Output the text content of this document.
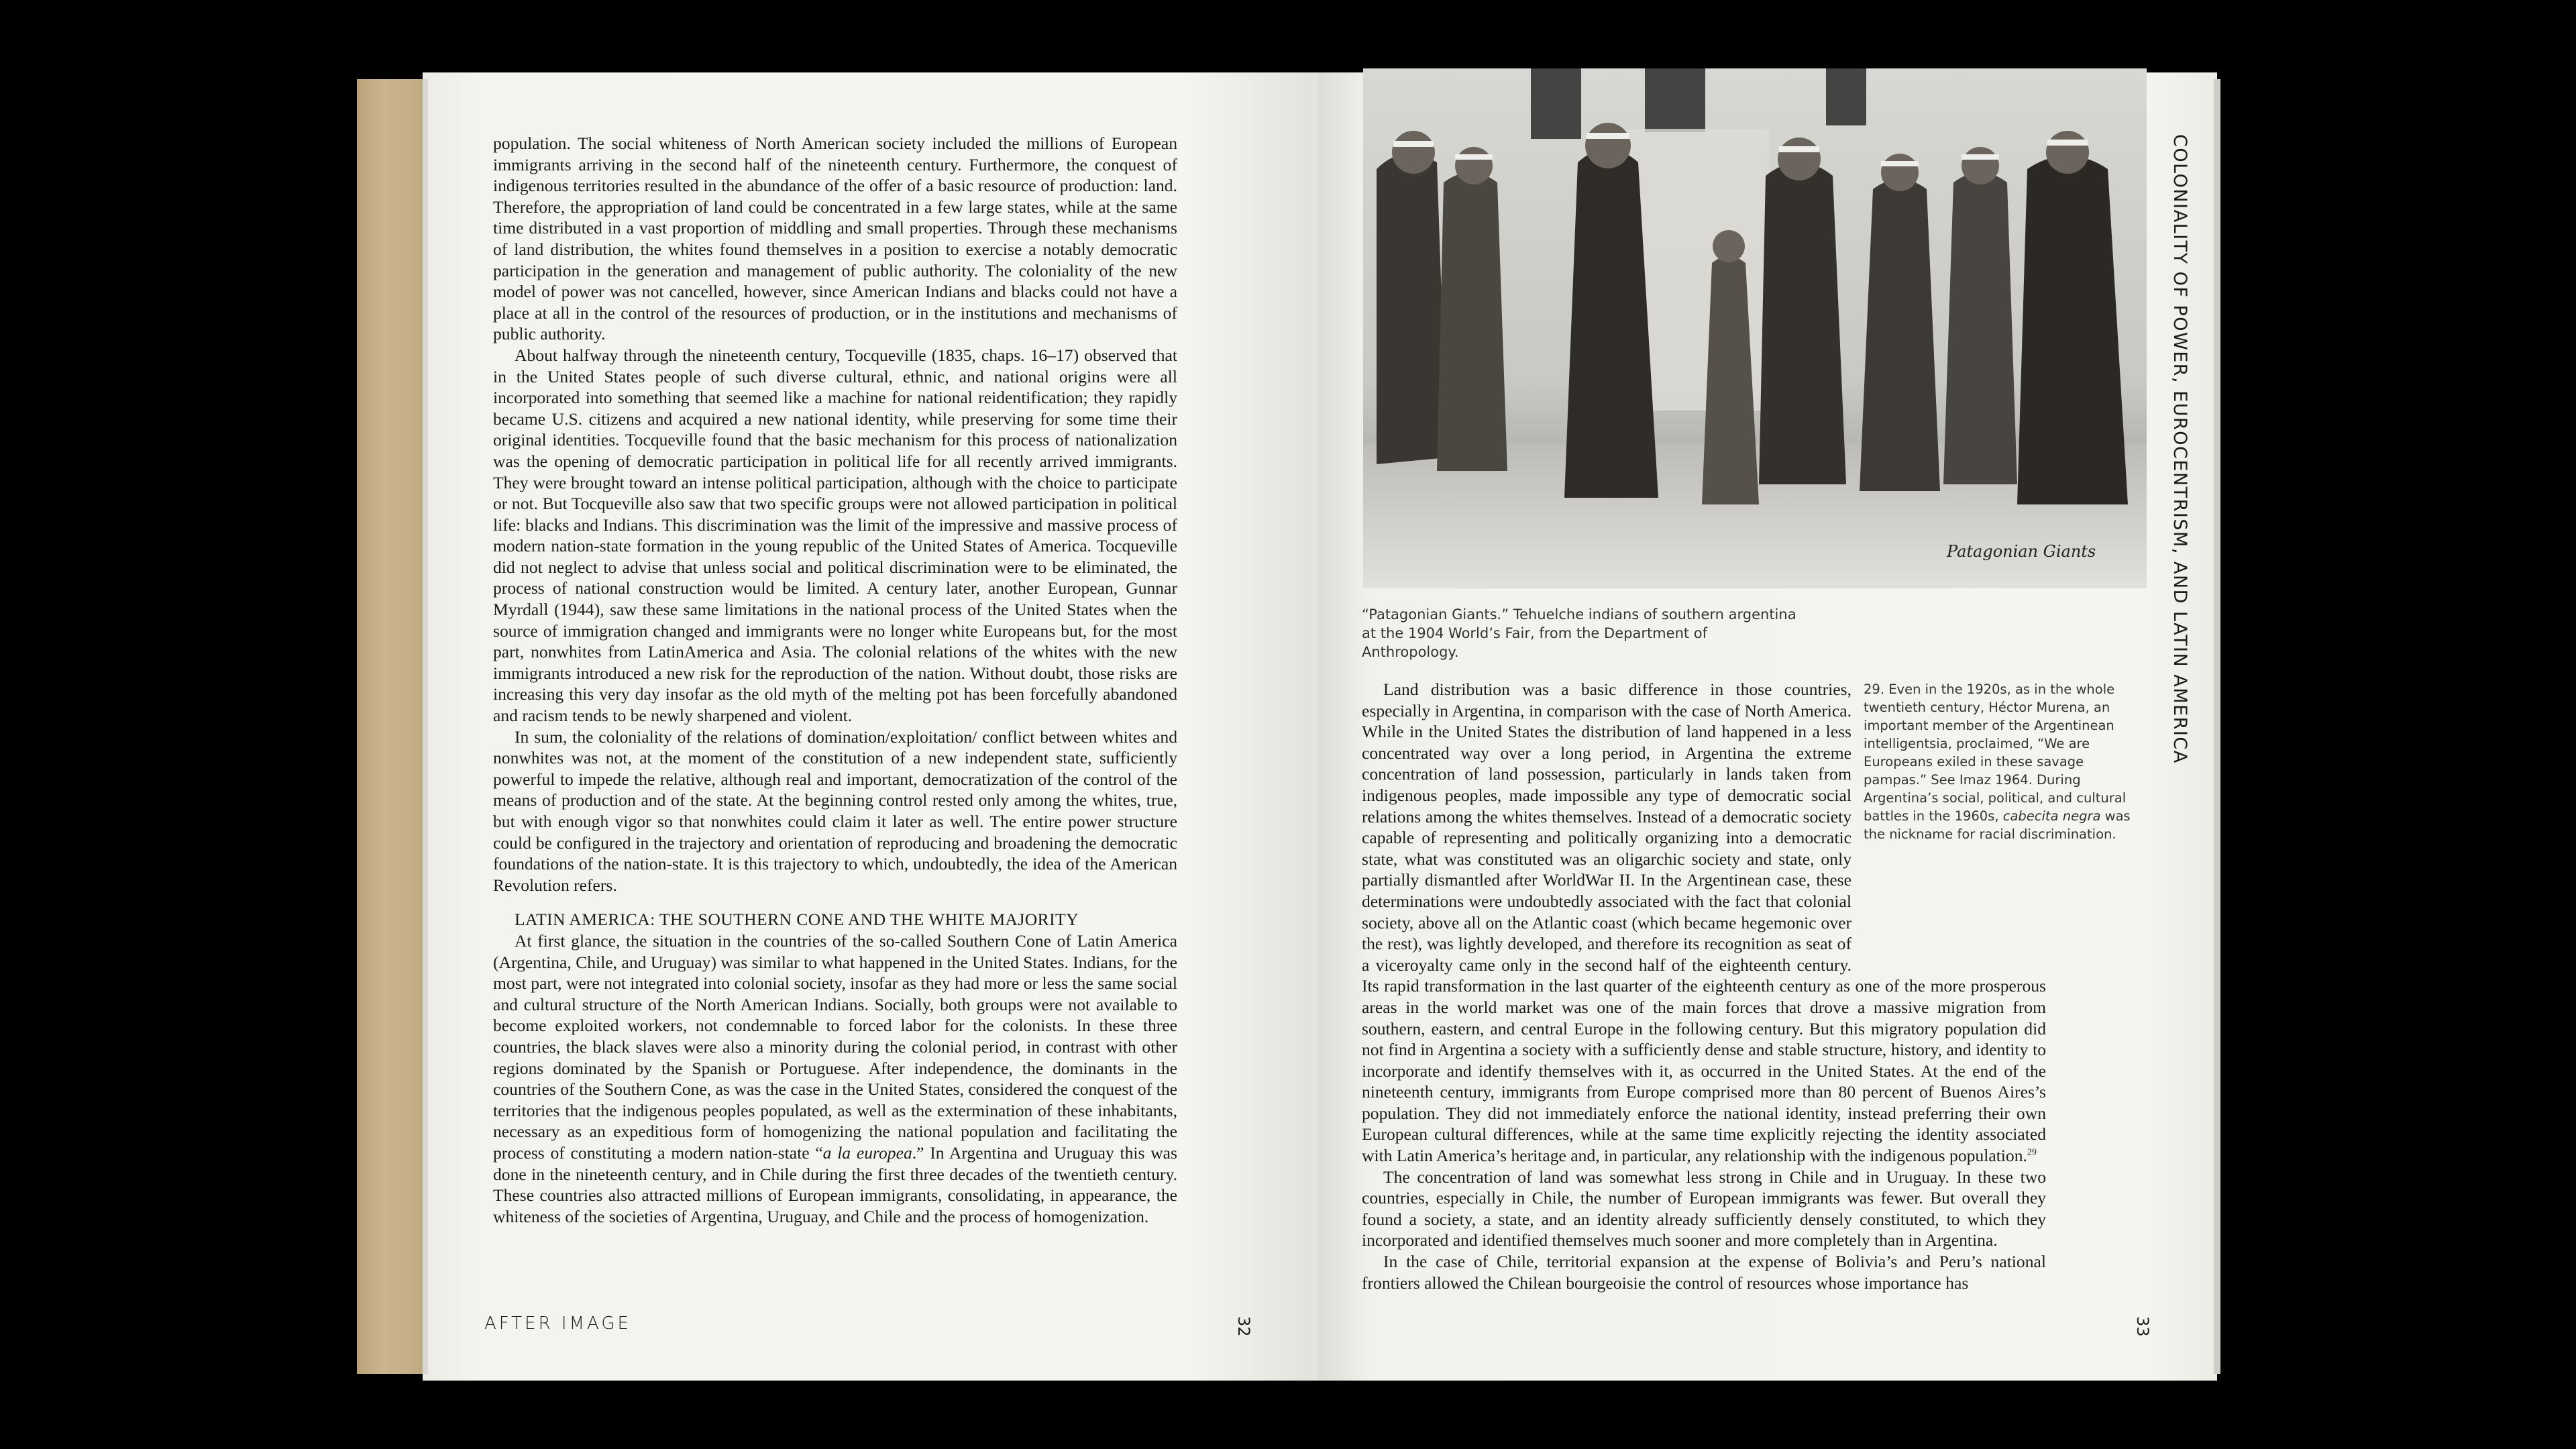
population. The social whiteness of North American society included the millions of European immigrants arriving in the second half of the nineteenth century. Furthermore, the conquest of indigenous territories resulted in the abundance of the offer of a basic resource of production: land. Therefore, the appropriation of land could be concentrated in a few large states, while at the same time distributed in a vast proportion of middling and small properties. Through these mechanisms of land distribution, the whites found themselves in a position to exercise a notably democratic participation in the generation and management of public authority. The coloniality of the new model of power was not cancelled, however, since American Indians and blacks could not have a place at all in the control of the resources of production, or in the institutions and mechanisms of public authority.

About halfway through the nineteenth century, Tocqueville (1835, chaps. 16–17) observed that in the United States people of such diverse cultural, ethnic, and national origins were all incorporated into something that seemed like a machine for national reidentification; they rapidly became U.S. citizens and acquired a new national identity, while preserving for some time their original identities. Tocqueville found that the basic mechanism for this process of nationalization was the opening of democratic participation in political life for all recently arrived immigrants. They were brought toward an intense political participation, although with the choice to participate or not. But Tocqueville also saw that two specific groups were not allowed participation in political life: blacks and Indians. This discrimination was the limit of the impressive and massive process of modern nation-state formation in the young republic of the United States of America. Tocqueville did not neglect to advise that unless social and political discrimination were to be eliminated, the process of national construction would be limited. A century later, another European, Gunnar Myrdall (1944), saw these same limitations in the national process of the United States when the source of immigration changed and immigrants were no longer white Europeans but, for the most part, nonwhites from LatinAmerica and Asia. The colonial relations of the whites with the new immigrants introduced a new risk for the reproduction of the nation. Without doubt, those risks are increasing this very day insofar as the old myth of the melting pot has been forcefully abandoned and racism tends to be newly sharpened and violent.

In sum, the coloniality of the relations of domination/exploitation/ conflict between whites and nonwhites was not, at the moment of the constitution of a new independent state, sufficiently powerful to impede the relative, although real and important, democratization of the control of the means of production and of the state. At the beginning control rested only among the whites, true, but with enough vigor so that nonwhites could claim it later as well. The entire power structure could be configured in the trajectory and orientation of reproducing and broadening the democratic foundations of the nation-state. It is this trajectory to which, undoubtedly, the idea of the American Revolution refers.

LATIN AMERICA: THE SOUTHERN CONE AND THE WHITE MAJORITY

At first glance, the situation in the countries of the so-called Southern Cone of Latin America (Argentina, Chile, and Uruguay) was similar to what happened in the United States. Indians, for the most part, were not integrated into colonial society, insofar as they had more or less the same social and cultural structure of the North American Indians. Socially, both groups were not available to become exploited workers, not condemnable to forced labor for the colonists. In these three countries, the black slaves were also a minority during the colonial period, in contrast with other regions dominated by the Spanish or Portuguese. After independence, the dominants in the countries of the Southern Cone, as was the case in the United States, considered the conquest of the territories that the indigenous peoples populated, as well as the extermination of these inhabitants, necessary as an expeditious form of homogenizing the national population and facilitating the process of constituting a modern nation-state “a la europea.” In Argentina and Uruguay this was done in the nineteenth century, and in Chile during the first three decades of the twentieth century. These countries also attracted millions of European immigrants, consolidating, in appearance, the whiteness of the societies of Argentina, Uruguay, and Chile and the process of homogenization.

AFTER IMAGE	32
Patagonian Giants	COLONIALITY OF POWER, EUROCENTRISM, AND LATIN AMERICA
“Patagonian Giants.” Tehuelche indians of southern argentina at the 1904 World’s Fair, from the Department of Anthropology.
29. Even in the 1920s, as in the whole twentieth century, Héctor Murena, an important member of the Argentinean intelligentsia, proclaimed, “We are Europeans exiled in these savage pampas.” See Imaz 1964. During Argentina’s social, political, and cultural battles in the 1960s, cabecita negra was the nickname for racial discrimination.

Land distribution was a basic difference in those countries, especially in Argentina, in comparison with the case of North America. While in the United States the distribution of land happened in a less concentrated way over a long period, in Argentina the extreme concentration of land possession, particularly in lands taken from indigenous peoples, made impossible any type of democratic social relations among the whites themselves. Instead of a democratic society capable of representing and politically organizing into a democratic state, what was constituted was an oligarchic society and state, only partially dismantled after WorldWar II. In the Argentinean case, these determinations were undoubtedly associated with the fact that colonial society, above all on the Atlantic coast (which became hegemonic over the rest), was lightly developed, and therefore its recognition as seat of a viceroyalty came only in the second half of the eighteenth century. Its rapid transformation in the last quarter of the eighteenth century as one of the more prosperous areas in the world market was one of the main forces that drove a massive migration from southern, eastern, and central Europe in the following century. But this migratory population did not find in Argentina a society with a sufficiently dense and stable structure, history, and identity to incorporate and identify themselves with it, as occurred in the United States. At the end of the nineteenth century, immigrants from Europe comprised more than 80 percent of Buenos Aires’s population. They did not immediately enforce the national identity, instead preferring their own European cultural differences, while at the same time explicitly rejecting the identity associated with Latin America’s heritage and, in particular, any relationship with the indigenous population.$^{29}$

The concentration of land was somewhat less strong in Chile and in Uruguay. In these two countries, especially in Chile, the number of European immigrants was fewer. But overall they found a society, a state, and an identity already sufficiently densely constituted, to which they incorporated and identified themselves much sooner and more completely than in Argentina.

In the case of Chile, territorial expansion at the expense of Bolivia’s and Peru’s national frontiers allowed the Chilean bourgeoisie the control of resources whose importance has

33
